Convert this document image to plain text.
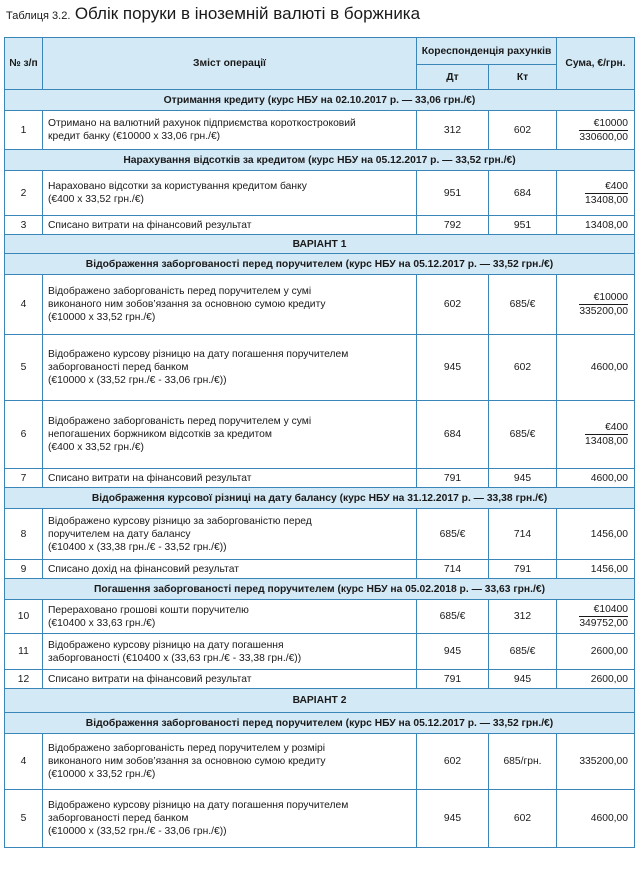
Таблиця 3.2. Облік поруки в іноземній валюті в боржника
№ з/п	Зміст операції	Кореспонденція рахунків		Сума, €/грн.
		Дт	Кт	
Отримання кредиту (курс НБУ на 02.10.2017 р. — 33,06 грн./€)				
1	Отримано на валютний рахунок підприємства короткостроковий
кредит банку (€10000 x 33,06 грн./€)	312	602	$\frac{€10000}{330600,00}$

Нарахування відсотків за кредитом (курс НБУ на 05.12.2017 р. — 33,52 грн./€)				
2	Нараховано відсотки за користування кредитом банку
(€400 x 33,52 грн./€)	951	684	$\frac{€400}{13408,00}$

3	Списано витрати на фінансовий результат	792	951	13408,00
ВАРІАНТ 1				
Відображення заборгованості перед поручителем (курс НБУ на 05.12.2017 р. — 33,52 грн./€)				
4	Відображено заборгованість перед поручителем у сумі
виконаного ним зобов’язання за основною сумою кредиту
(€10000 x 33,52 грн./€)	602	685/€	$\frac{€10000}{335200,00}$

5	Відображено курсову різницю на дату погашення поручителем
заборгованості перед банком
(€10000 x (33,52 грн./€ - 33,06 грн./€))	945	602	4600,00
6	Відображено заборгованість перед поручителем у сумі
непогашених боржником відсотків за кредитом
(€400 x 33,52 грн./€)	684	685/€	$\frac{€400}{13408,00}$

7	Списано витрати на фінансовий результат	791	945	4600,00
Відображення курсової різниці на дату балансу (курс НБУ на 31.12.2017 р. — 33,38 грн./€)				
8	Відображено курсову різницю за заборгованістю перед
поручителем на дату балансу
(€10400 x (33,38 грн./€ - 33,52 грн./€))	685/€	714	1456,00
9	Списано дохід на фінансовий результат	714	791	1456,00
Погашення заборгованості перед поручителем (курс НБУ на 05.02.2018 р. — 33,63 грн./€)				
10	Перераховано грошові кошти поручителю
(€10400 x 33,63 грн./€)	685/€	312	$\frac{€10400}{349752,00}$

11	Відображено курсову різницю на дату погашення
заборгованості (€10400 x (33,63 грн./€ - 33,38 грн./€))	945	685/€	2600,00
12	Списано витрати на фінансовий результат	791	945	2600,00
ВАРІАНТ 2				
Відображення заборгованості перед поручителем (курс НБУ на 05.12.2017 р. — 33,52 грн./€)				
4	Відображено заборгованість перед поручителем у розмірі
виконаного ним зобов’язання за основною сумою кредиту
(€10000 x 33,52 грн./€)	602	685/грн.	335200,00
5	Відображено курсову різницю на дату погашення поручителем
заборгованості перед банком
(€10000 x (33,52 грн./€ - 33,06 грн./€))	945	602	4600,00
